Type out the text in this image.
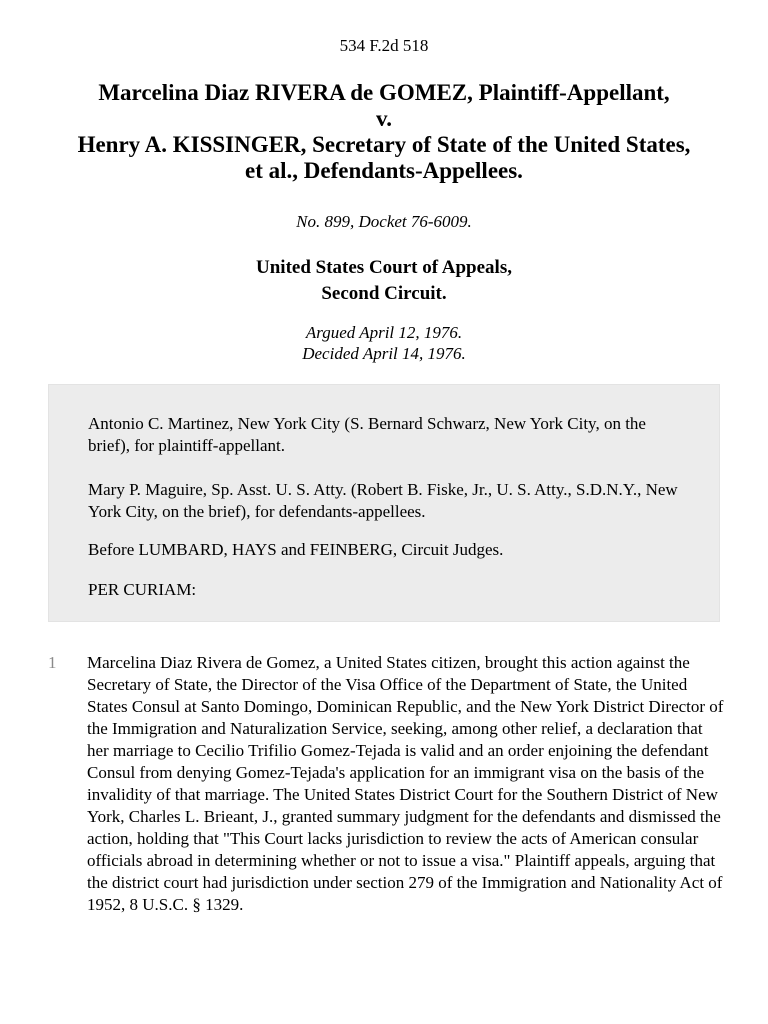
534 F.2d 518
Marcelina Diaz RIVERA de GOMEZ, Plaintiff-Appellant,
v.
Henry A. KISSINGER, Secretary of State of the United States,
et al., Defendants-Appellees.
No. 899, Docket 76-6009.
United States Court of Appeals,
Second Circuit.
Argued April 12, 1976.
Decided April 14, 1976.

Antonio C. Martinez, New York City (S. Bernard Schwarz, New York City, on the brief), for plaintiff-appellant.

Mary P. Maguire, Sp. Asst. U. S. Atty. (Robert B. Fiske, Jr., U. S. Atty., S.D.N.Y., New York City, on the brief), for defendants-appellees.

Before LUMBARD, HAYS and FEINBERG, Circuit Judges.

PER CURIAM:

1 Marcelina Diaz Rivera de Gomez, a United States citizen, brought this action against the Secretary of State, the Director of the Visa Office of the Department of State, the United States Consul at Santo Domingo, Dominican Republic, and the New York District Director of the Immigration and Naturalization Service, seeking, among other relief, a declaration that her marriage to Cecilio Trifilio Gomez-Tejada is valid and an order enjoining the defendant Consul from denying Gomez-Tejada's application for an immigrant visa on the basis of the invalidity of that marriage. The United States District Court for the Southern District of New York, Charles L. Brieant, J., granted summary judgment for the defendants and dismissed the action, holding that "This Court lacks jurisdiction to review the acts of American consular officials abroad in determining whether or not to issue a visa." Plaintiff appeals, arguing that the district court had jurisdiction under section 279 of the Immigration and Nationality Act of 1952, 8 U.S.C. § 1329.
